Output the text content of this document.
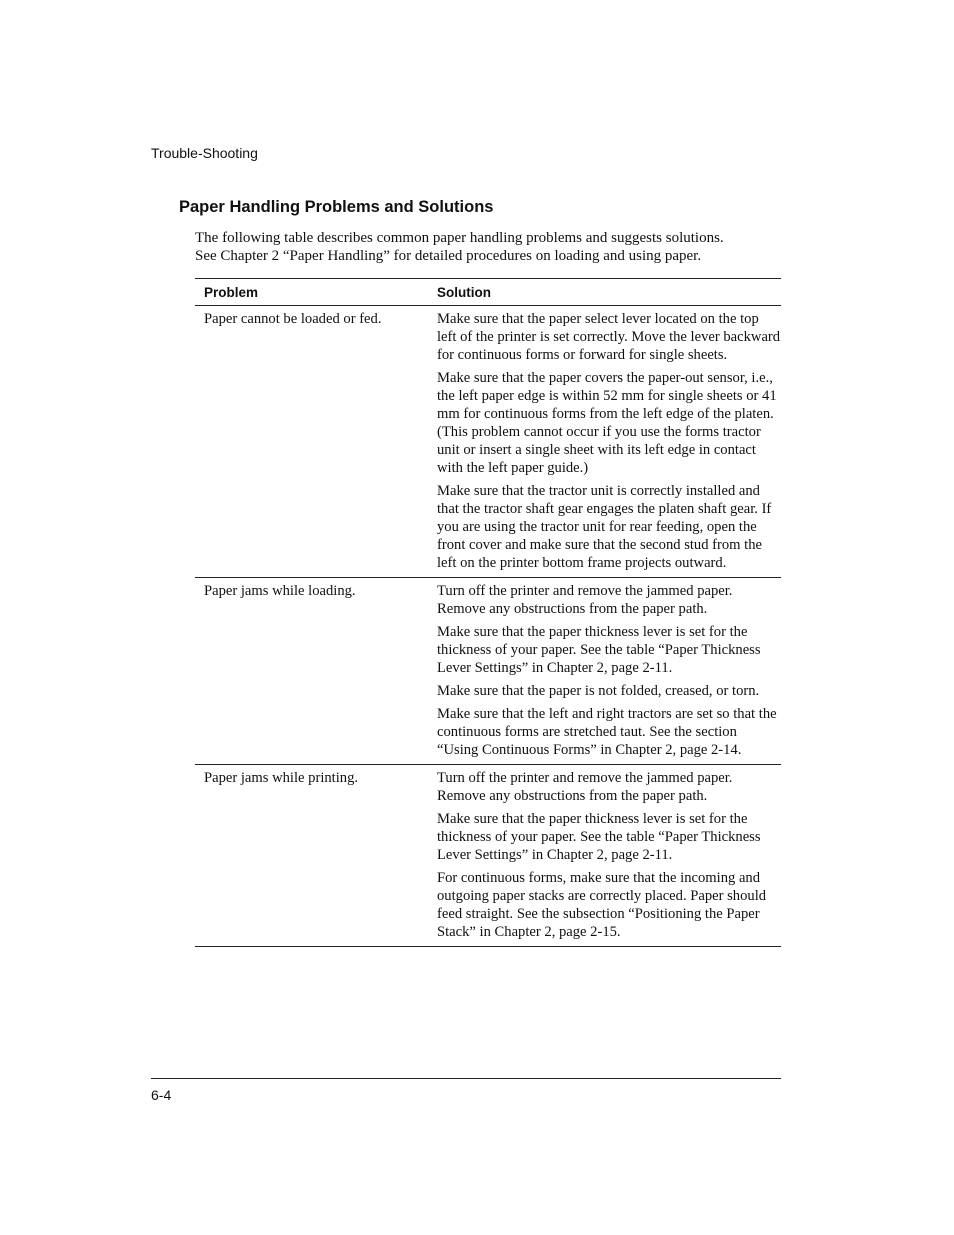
Trouble-Shooting
Paper Handling Problems and Solutions

The following table describes common paper handling problems and suggests solutions.

See Chapter 2 “Paper Handling” for detailed procedures on loading and using paper.

Problem	Solution
Paper cannot be loaded or fed.	Make sure that the paper select lever located on the top left of the printer is set correctly. Move the lever backward for continuous forms or forward for single sheets.

Make sure that the paper covers the paper-out sensor, i.e., the left paper edge is within 52 mm for single sheets or 41 mm for continuous forms from the left edge of the platen. (This problem cannot occur if you use the forms tractor unit or insert a single sheet with its left edge in contact with the left paper guide.)

Make sure that the tractor unit is correctly installed and that the tractor shaft gear engages the platen shaft gear. If you are using the tractor unit for rear feeding, open the front cover and make sure that the second stud from the left on the printer bottom frame projects outward.

Paper jams while loading.	Turn off the printer and remove the jammed paper. Remove any obstructions from the paper path.

Make sure that the paper thickness lever is set for the thickness of your paper. See the table “Paper Thickness Lever Settings” in Chapter 2, page 2-11.

Make sure that the paper is not folded, creased, or torn.

Make sure that the left and right tractors are set so that the continuous forms are stretched taut. See the section “Using Continuous Forms” in Chapter 2, page 2-14.

Paper jams while printing.	Turn off the printer and remove the jammed paper. Remove any obstructions from the paper path.

Make sure that the paper thickness lever is set for the thickness of your paper. See the table “Paper Thickness Lever Settings” in Chapter 2, page 2-11.

For continuous forms, make sure that the incoming and outgoing paper stacks are correctly placed. Paper should feed straight. See the subsection “Positioning the Paper Stack” in Chapter 2, page 2-15.

6-4
